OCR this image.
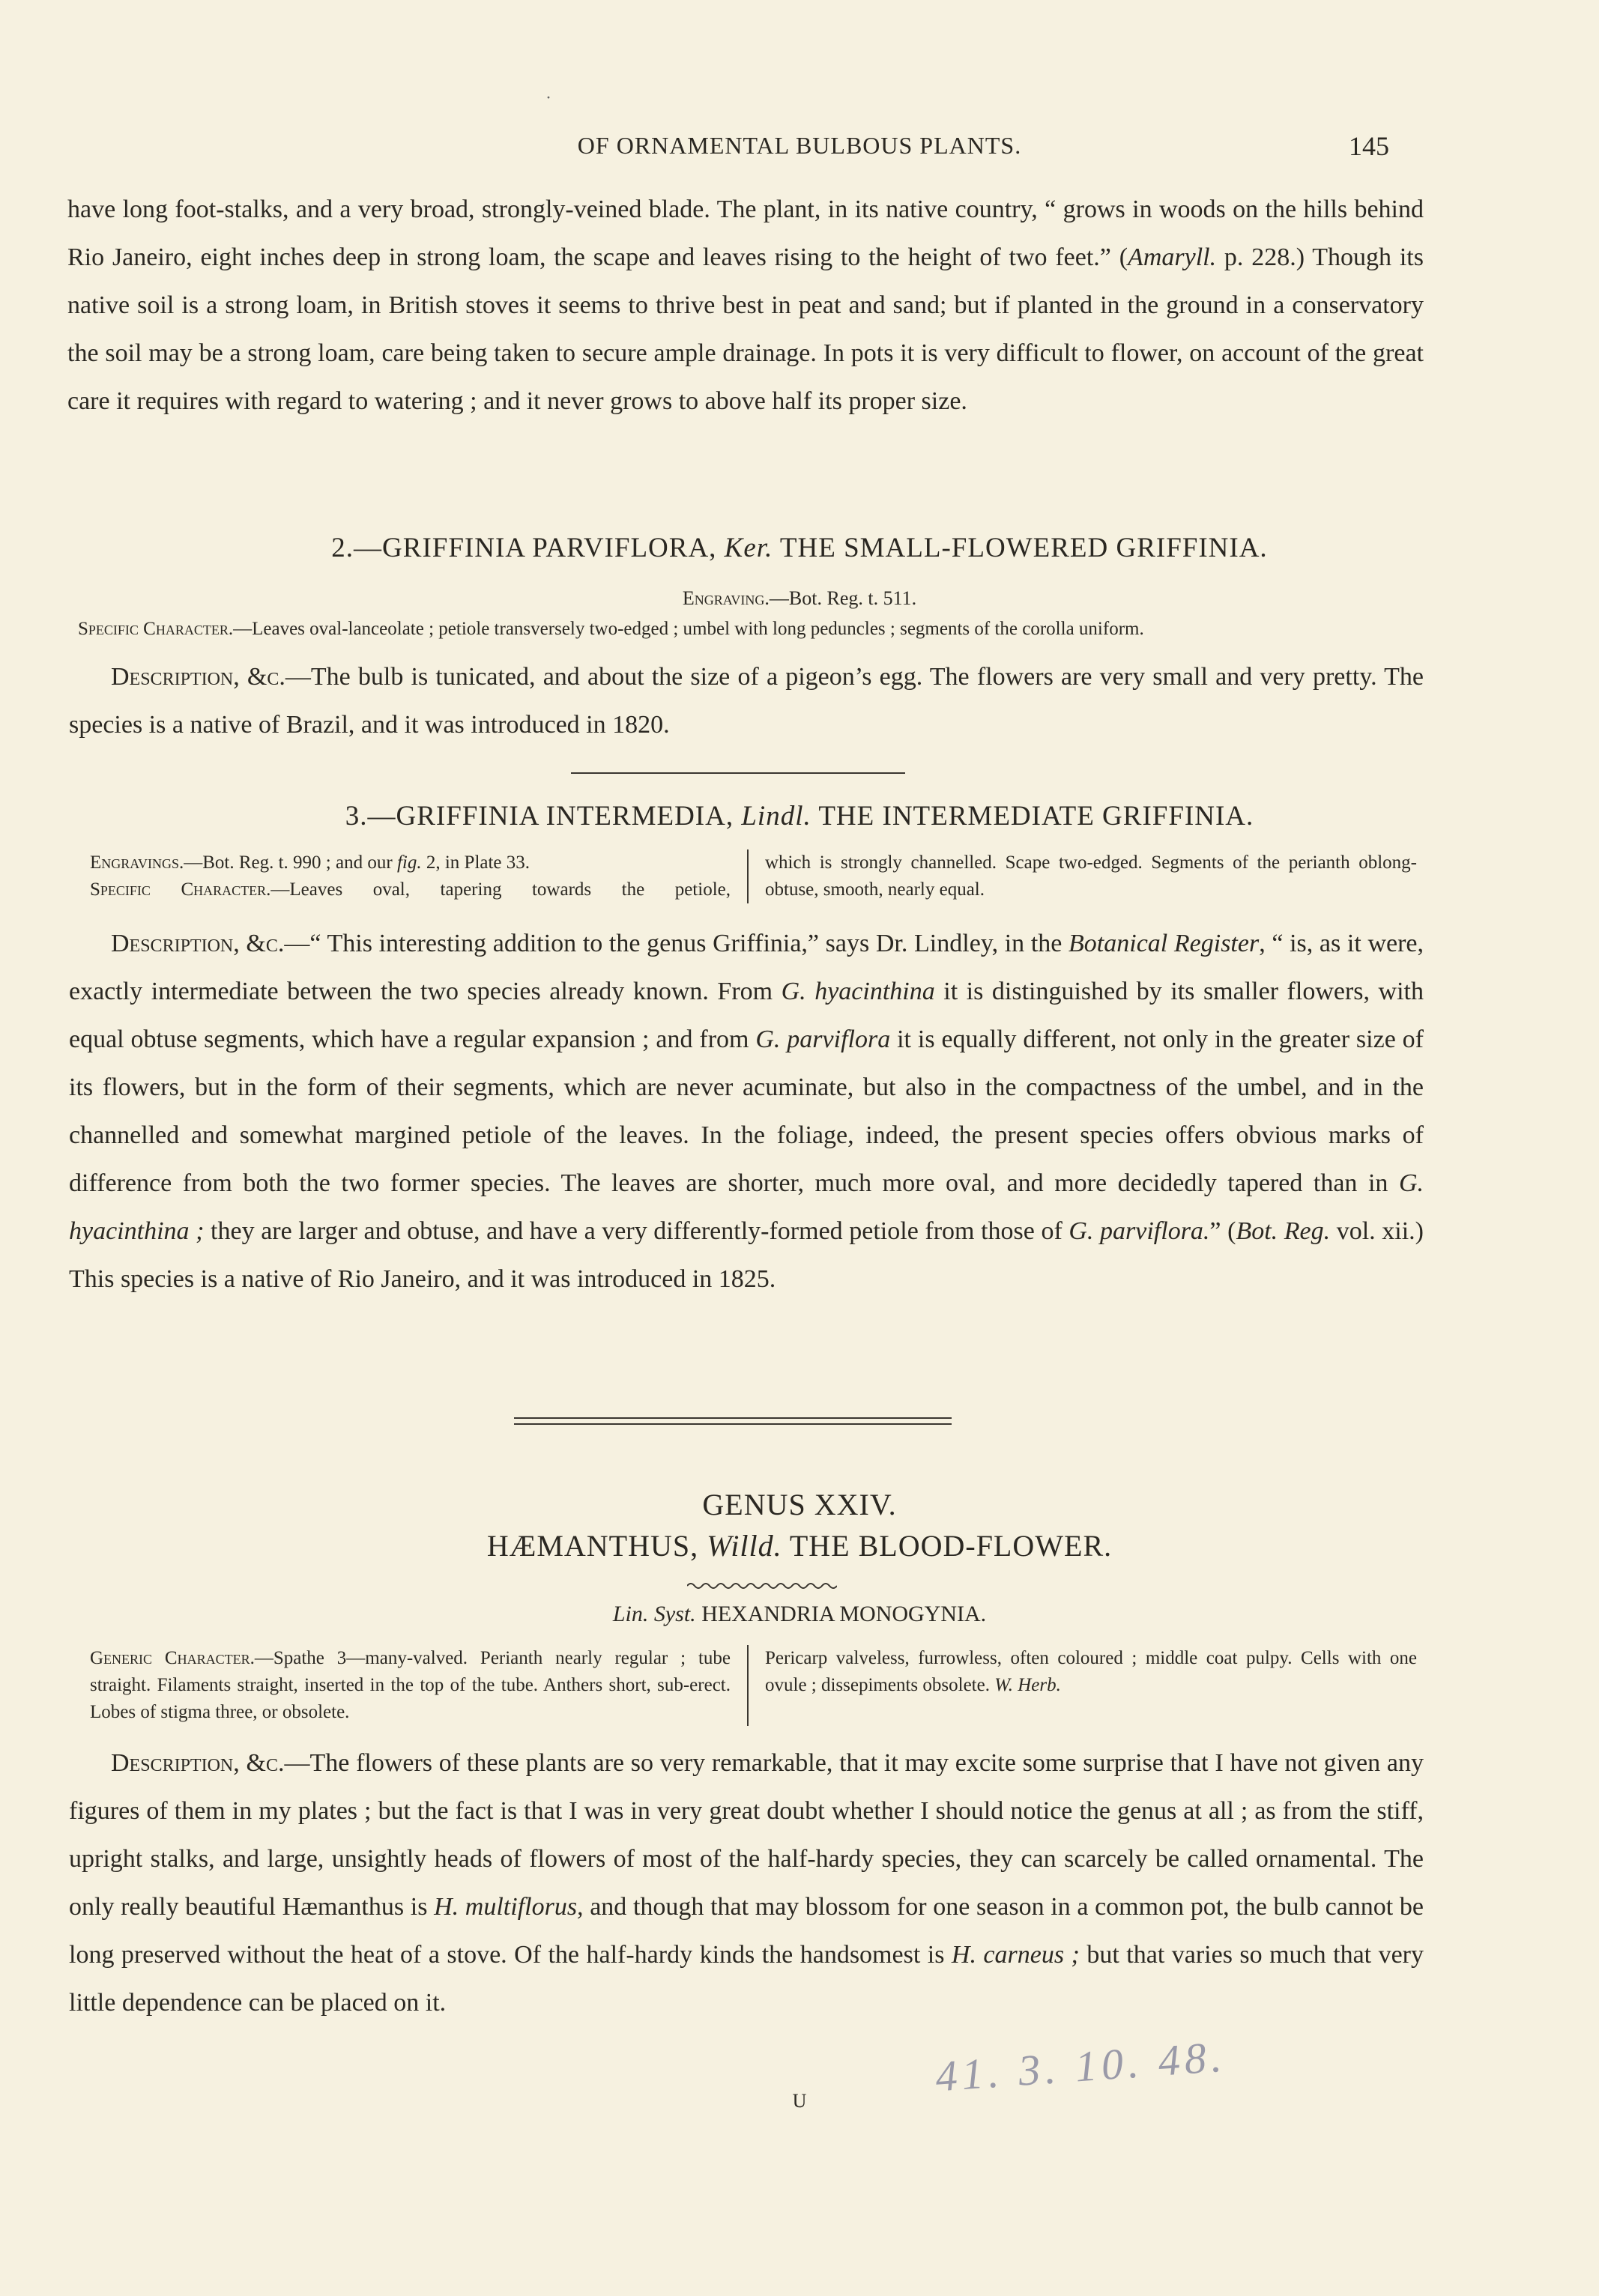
·
OF ORNAMENTAL BULBOUS PLANTS.	145
have long foot-stalks, and a very broad, strongly-veined blade. The plant, in its native country, “ grows in woods on the hills behind Rio Janeiro, eight inches deep in strong loam, the scape and leaves rising to the height of two feet.” (Amaryll. p. 228.) Though its native soil is a strong loam, in British stoves it seems to thrive best in peat and sand; but if planted in the ground in a conservatory the soil may be a strong loam, care being taken to secure ample drainage. In pots it is very difficult to flower, on account of the great care it requires with regard to watering ; and it never grows to above half its proper size.
2.—GRIFFINIA PARVIFLORA, Ker. THE SMALL-FLOWERED GRIFFINIA.
Engraving.—Bot. Reg. t. 511.
Specific Character.—Leaves oval-lanceolate ; petiole transversely two-edged ; umbel with long peduncles ; segments of the corolla uniform.
Description, &c.—The bulb is tunicated, and about the size of a pigeon’s egg. The flowers are very small and very pretty. The species is a native of Brazil, and it was introduced in 1820.
3.—GRIFFINIA INTERMEDIA, Lindl. THE INTERMEDIATE GRIFFINIA.
Engravings.—Bot. Reg. t. 990 ; and our fig. 2, in Plate 33.
Specific Character.—Leaves oval, tapering towards the petiole,
which is strongly channelled. Scape two-edged. Segments of the perianth oblong-obtuse, smooth, nearly equal.
Description, &c.—“ This interesting addition to the genus Griffinia,” says Dr. Lindley, in the Botanical Register, “ is, as it were, exactly intermediate between the two species already known. From G. hyacinthina it is distinguished by its smaller flowers, with equal obtuse segments, which have a regular expansion ; and from G. parviflora it is equally different, not only in the greater size of its flowers, but in the form of their segments, which are never acuminate, but also in the compactness of the umbel, and in the channelled and somewhat margined petiole of the leaves. In the foliage, indeed, the present species offers obvious marks of difference from both the two former species. The leaves are shorter, much more oval, and more decidedly tapered than in G. hyacinthina ; they are larger and obtuse, and have a very differently-formed petiole from those of G. parviflora.” (Bot. Reg. vol. xii.) This species is a native of Rio Janeiro, and it was introduced in 1825.
GENUS XXIV.
HÆMANTHUS, Willd. THE BLOOD-FLOWER.
Lin. Syst. HEXANDRIA MONOGYNIA.
Generic Character.—Spathe 3—many-valved. Perianth nearly regular ; tube straight. Filaments straight, inserted in the top of the tube. Anthers short, sub-erect. Lobes of stigma three, or obsolete.
Pericarp valveless, furrowless, often coloured ; middle coat pulpy. Cells with one ovule ; dissepiments obsolete. W. Herb.
Description, &c.—The flowers of these plants are so very remarkable, that it may excite some surprise that I have not given any figures of them in my plates ; but the fact is that I was in very great doubt whether I should notice the genus at all ; as from the stiff, upright stalks, and large, unsightly heads of flowers of most of the half-hardy species, they can scarcely be called ornamental. The only really beautiful Hæmanthus is H. multiflorus, and though that may blossom for one season in a common pot, the bulb cannot be long preserved without the heat of a stove. Of the half-hardy kinds the handsomest is H. carneus ; but that varies so much that very little dependence can be placed on it.
41. 3. 10. 48.
U
